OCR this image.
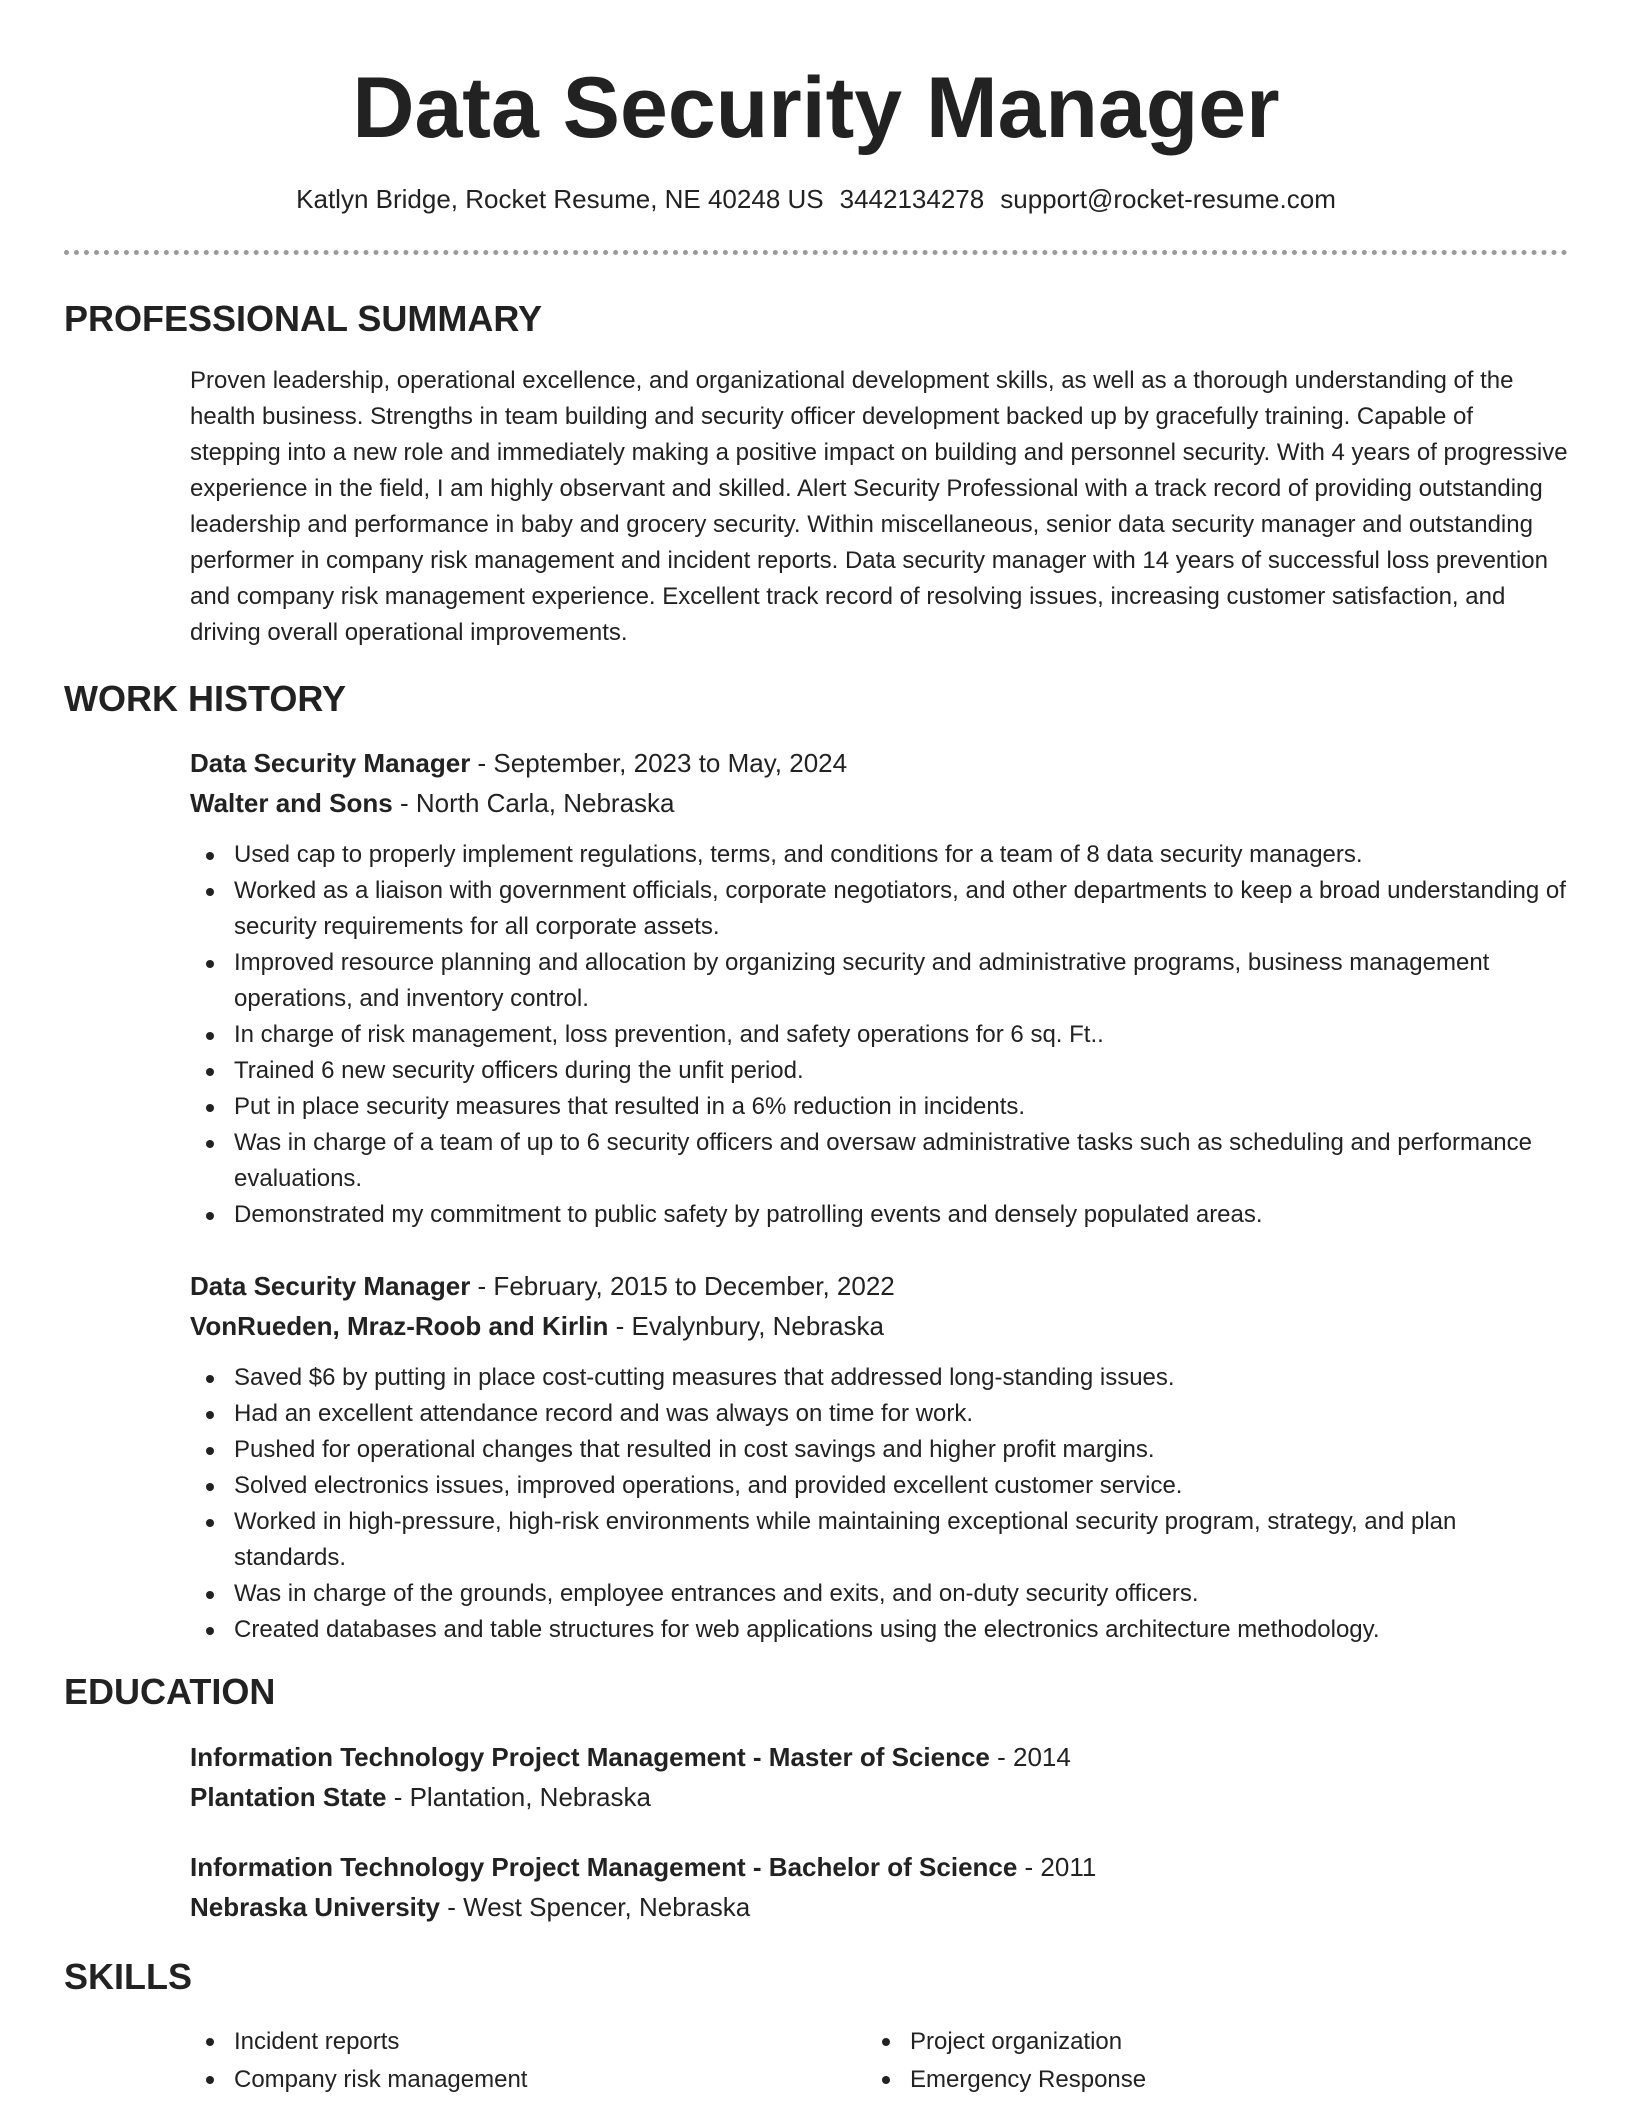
Data Security Manager
Katlyn Bridge, Rocket Resume, NE 40248 US 3442134278 support@rocket-resume.com
PROFESSIONAL SUMMARY

Proven leadership, operational excellence, and organizational development skills, as well as a thorough understanding of the health business. Strengths in team building and security officer development backed up by gracefully training. Capable of stepping into a new role and immediately making a positive impact on building and personnel security. With 4 years of progressive experience in the field, I am highly observant and skilled. Alert Security Professional with a track record of providing outstanding leadership and performance in baby and grocery security. Within miscellaneous, senior data security manager and outstanding performer in company risk management and incident reports. Data security manager with 14 years of successful loss prevention and company risk management experience. Excellent track record of resolving issues, increasing customer satisfaction, and driving overall operational improvements.

WORK HISTORY
Data Security Manager - September, 2023 to May, 2024
Walter and Sons - North Carla, Nebraska
Used cap to properly implement regulations, terms, and conditions for a team of 8 data security managers.
Worked as a liaison with government officials, corporate negotiators, and other departments to keep a broad understanding of security requirements for all corporate assets.
Improved resource planning and allocation by organizing security and administrative programs, business management operations, and inventory control.
In charge of risk management, loss prevention, and safety operations for 6 sq. Ft..
Trained 6 new security officers during the unfit period.
Put in place security measures that resulted in a 6% reduction in incidents.
Was in charge of a team of up to 6 security officers and oversaw administrative tasks such as scheduling and performance evaluations.
Demonstrated my commitment to public safety by patrolling events and densely populated areas.
Data Security Manager - February, 2015 to December, 2022
VonRueden, Mraz-Roob and Kirlin - Evalynbury, Nebraska
Saved $6 by putting in place cost-cutting measures that addressed long-standing issues.
Had an excellent attendance record and was always on time for work.
Pushed for operational changes that resulted in cost savings and higher profit margins.
Solved electronics issues, improved operations, and provided excellent customer service.
Worked in high-pressure, high-risk environments while maintaining exceptional security program, strategy, and plan standards.
Was in charge of the grounds, employee entrances and exits, and on-duty security officers.
Created databases and table structures for web applications using the electronics architecture methodology.
EDUCATION
Information Technology Project Management - Master of Science - 2014
Plantation State - Plantation, Nebraska
Information Technology Project Management - Bachelor of Science - 2011
Nebraska University - West Spencer, Nebraska
SKILLS
Incident reports
Company risk management
Project organization
Emergency Response
